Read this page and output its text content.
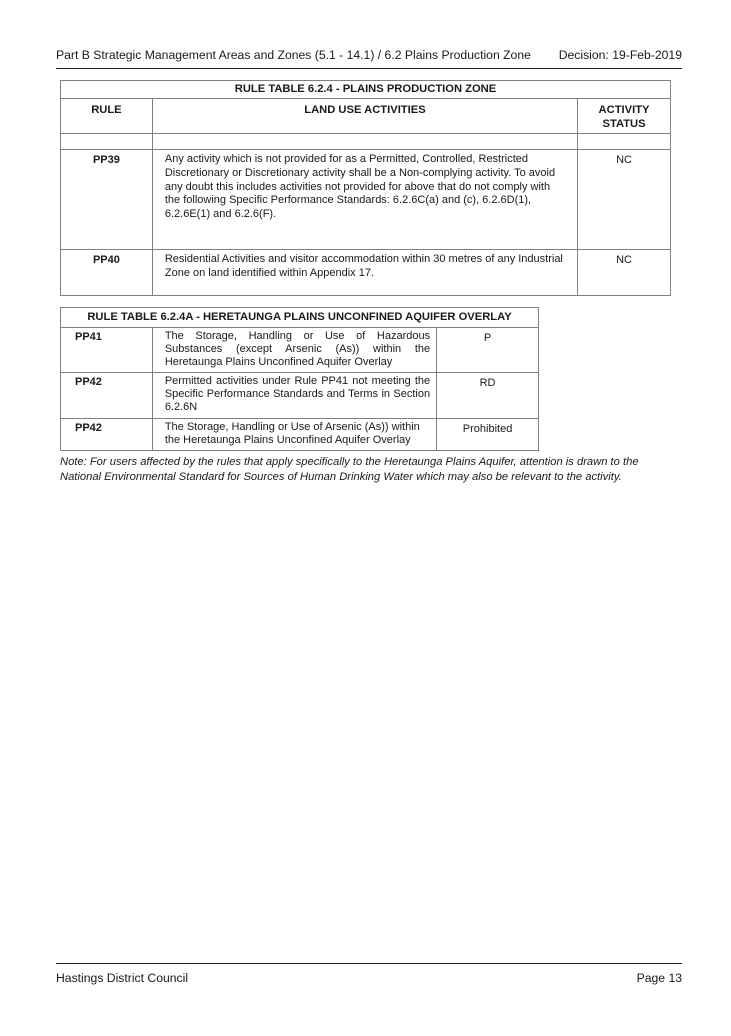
Part B Strategic Management Areas and Zones (5.1 - 14.1) / 6.2 Plains Production Zone Decision: 19-Feb-2019
RULE TABLE 6.2.4 - PLAINS PRODUCTION ZONE		
RULE	LAND USE ACTIVITIES	ACTIVITY STATUS

PP39	Any activity which is not provided for as a Permitted, Controlled, Restricted Discretionary or Discretionary activity shall be a Non-complying activity. To avoid any doubt this includes activities not provided for above that do not comply with the following Specific Performance Standards: 6.2.6C(a) and (c), 6.2.6D(1), 6.2.6E(1) and 6.2.6(F).	NC
PP40	Residential Activities and visitor accommodation within 30 metres of any Industrial Zone on land identified within Appendix 17.	NC
RULE TABLE 6.2.4A - HERETAUNGA PLAINS UNCONFINED AQUIFER OVERLAY		
PP41	The Storage, Handling or Use of Hazardous Substances (except Arsenic (As)) within the Heretaunga Plains Unconfined Aquifer Overlay	P
PP42	Permitted activities under Rule PP41 not meeting the Specific Performance Standards and Terms in Section 6.2.6N	RD
PP42	The Storage, Handling or Use of Arsenic (As)) within the Heretaunga Plains Unconfined Aquifer Overlay	Prohibited
Note: For users affected by the rules that apply specifically to the Heretaunga Plains Aquifer, attention is drawn to the National Environmental Standard for Sources of Human Drinking Water which may also be relevant to the activity.
Hastings District Council	Page 13
